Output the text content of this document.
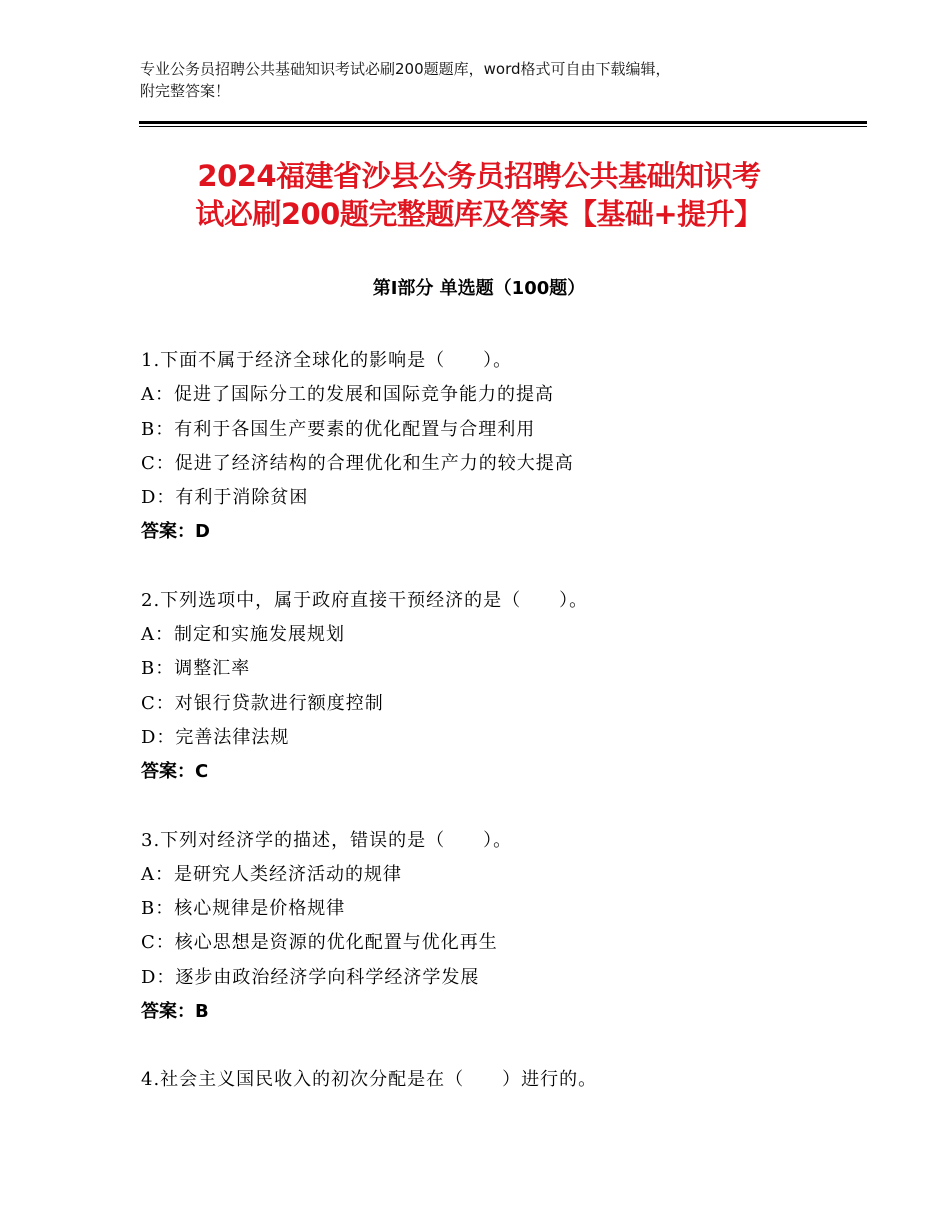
专业公务员招聘公共基础知识考试必刷200题题库，word格式可自由下载编辑，
附完整答案！
2024福建省沙县公务员招聘公共基础知识考
试必刷200题完整题库及答案【基础+提升】
第Ⅰ部分 单选题（100题）
1.下面不属于经济全球化的影响是（　　）。
A：促进了国际分工的发展和国际竞争能力的提高
B：有利于各国生产要素的优化配置与合理利用
C：促进了经济结构的合理优化和生产力的较大提高
D：有利于消除贫困
答案：D
2.下列选项中，属于政府直接干预经济的是（　　）。
A：制定和实施发展规划
B：调整汇率
C：对银行贷款进行额度控制
D：完善法律法规
答案：C
3.下列对经济学的描述，错误的是（　　）。
A：是研究人类经济活动的规律
B：核心规律是价格规律
C：核心思想是资源的优化配置与优化再生
D：逐步由政治经济学向科学经济学发展
答案：B
4.社会主义国民收入的初次分配是在（　　）进行的。
